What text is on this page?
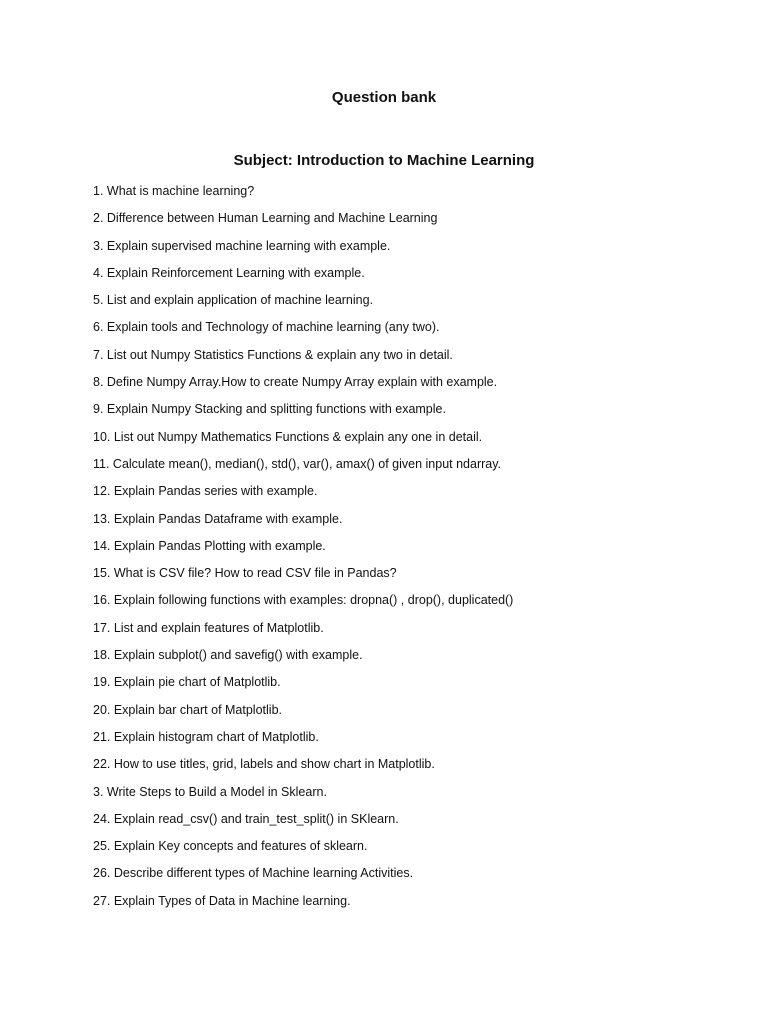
Question bank
Subject: Introduction to Machine Learning
1. What is machine learning?
2. Difference between Human Learning and Machine Learning
3. Explain supervised machine learning with example.
4. Explain Reinforcement Learning with example.
5. List and explain application of machine learning.
6. Explain tools and Technology of machine learning (any two).
7. List out Numpy Statistics Functions & explain any two in detail.
8. Define Numpy Array.How to create Numpy Array explain with example.
9. Explain Numpy Stacking and splitting functions with example.
10. List out Numpy Mathematics Functions & explain any one in detail.
11. Calculate mean(), median(), std(), var(), amax() of given input ndarray.
12. Explain Pandas series with example.
13. Explain Pandas Dataframe with example.
14. Explain Pandas Plotting with example.
15. What is CSV file? How to read CSV file in Pandas?
16. Explain following functions with examples: dropna() , drop(), duplicated()
17. List and explain features of Matplotlib.
18. Explain subplot() and savefig() with example.
19. Explain pie chart of Matplotlib.
20. Explain bar chart of Matplotlib.
21. Explain histogram chart of Matplotlib.
22. How to use titles, grid, labels and show chart in Matplotlib.
3. Write Steps to Build a Model in Sklearn.
24. Explain read_csv() and train_test_split() in SKlearn.
25. Explain Key concepts and features of sklearn.
26. Describe different types of Machine learning Activities.
27. Explain Types of Data in Machine learning.
